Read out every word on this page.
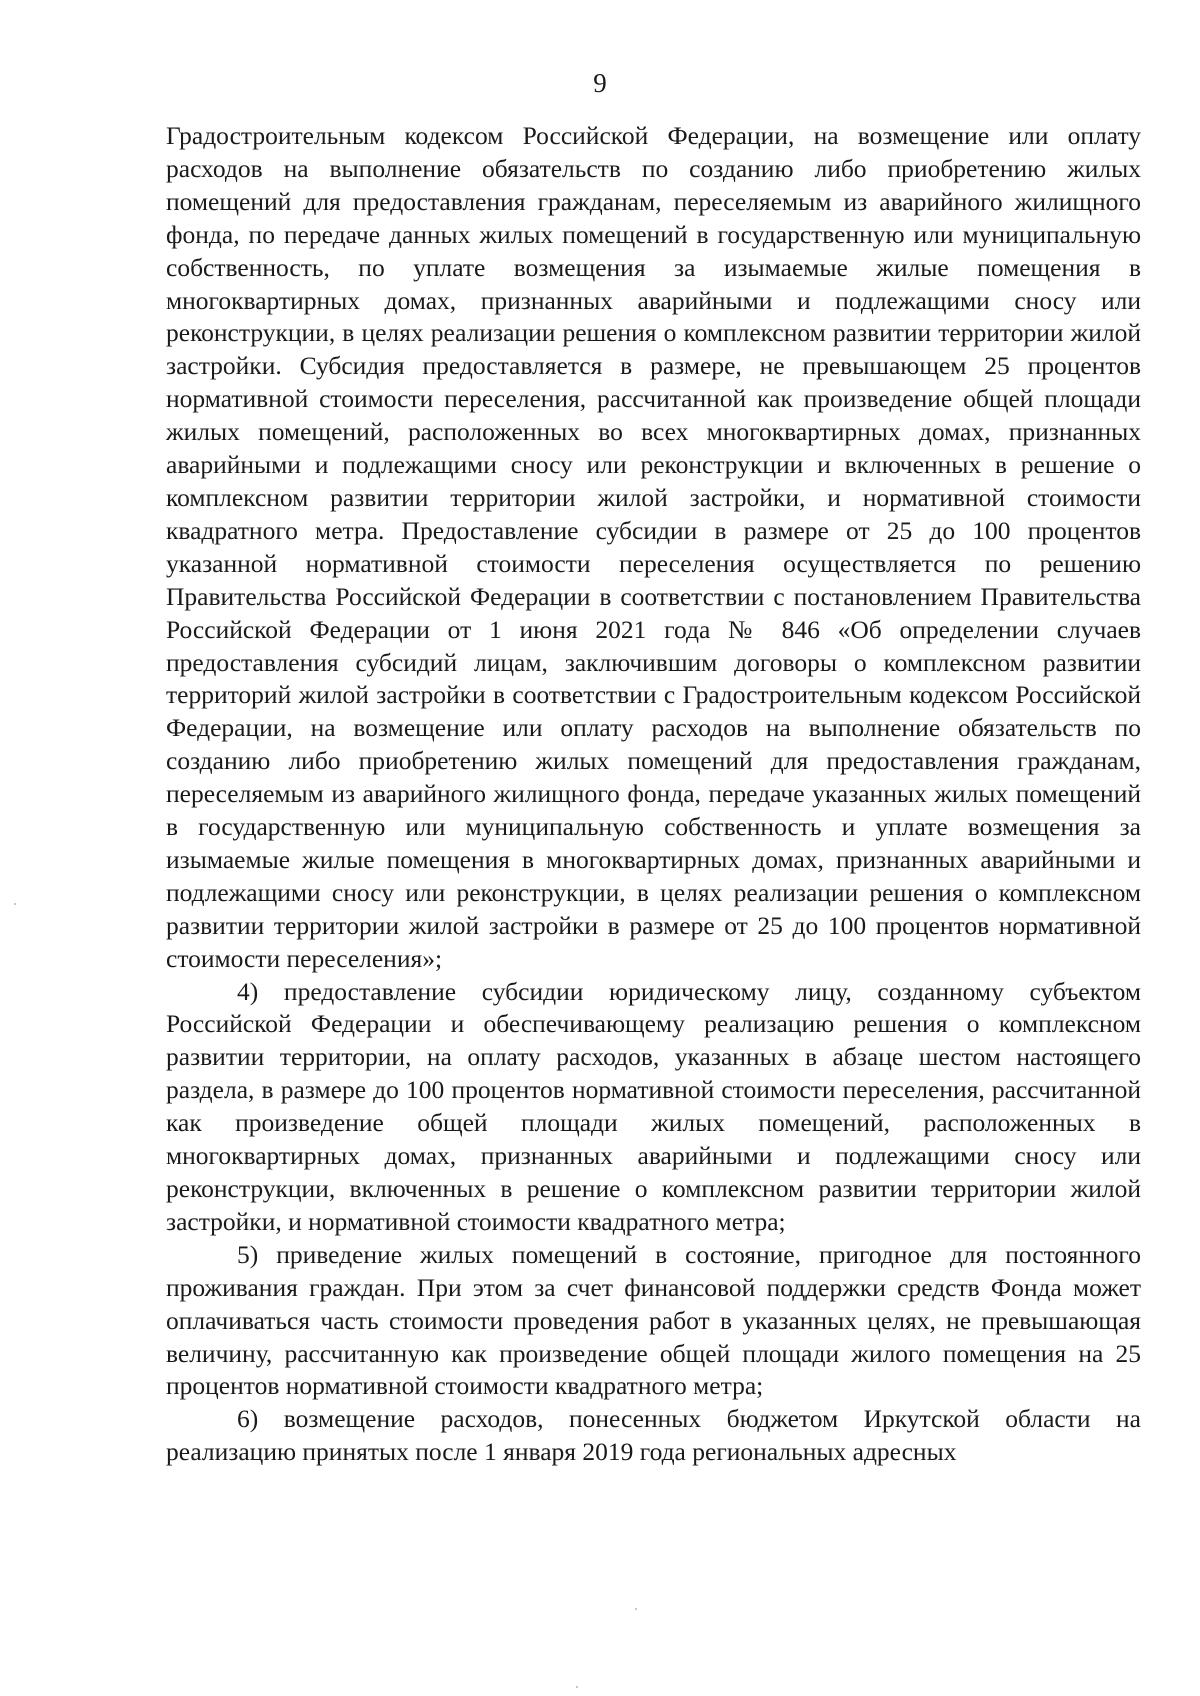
9

Градостроительным кодексом Российской Федерации, на возмещение или оплату расходов на выполнение обязательств по созданию либо приобретению жилых помещений для предоставления гражданам, переселяемым из аварийного жилищного фонда, по передаче данных жилых помещений в государственную или муниципальную собственность, по уплате возмещения за изымаемые жилые помещения в многоквартирных домах, признанных аварийными и подлежащими сносу или реконструкции, в целях реализации решения о комплексном развитии территории жилой застройки. Субсидия предоставляется в размере, не превышающем 25 процентов нормативной стоимости переселения, рассчитанной как произведение общей площади жилых помещений, расположенных во всех многоквартирных домах, признанных аварийными и подлежащими сносу или реконструкции и включенных в решение о комплексном развитии территории жилой застройки, и нормативной стоимости квадратного метра. Предоставление субсидии в размере от 25 до 100 процентов указанной нормативной стоимости переселения осуществляется по решению Правительства Российской Федерации в соответствии с постановлением Правительства Российской Федерации от 1 июня 2021 года № 846 «Об определении случаев предоставления субсидий лицам, заключившим договоры о комплексном развитии территорий жилой застройки в соответствии с Градостроительным кодексом Российской Федерации, на возмещение или оплату расходов на выполнение обязательств по созданию либо приобретению жилых помещений для предоставления гражданам, переселяемым из аварийного жилищного фонда, передаче указанных жилых помещений в государственную или муниципальную собственность и уплате возмещения за изымаемые жилые помещения в многоквартирных домах, признанных аварийными и подлежащими сносу или реконструкции, в целях реализации решения о комплексном развитии территории жилой застройки в размере от 25 до 100 процентов нормативной стоимости переселения»;

4) предоставление субсидии юридическому лицу, созданному субъектом Российской Федерации и обеспечивающему реализацию решения о комплексном развитии территории, на оплату расходов, указанных в абзаце шестом настоящего раздела, в размере до 100 процентов нормативной стоимости переселения, рассчитанной как произведение общей площади жилых помещений, расположенных в многоквартирных домах, признанных аварийными и подлежащими сносу или реконструкции, включенных в решение о комплексном развитии территории жилой застройки, и нормативной стоимости квадратного метра;

5) приведение жилых помещений в состояние, пригодное для постоянного проживания граждан. При этом за счет финансовой поддержки средств Фонда может оплачиваться часть стоимости проведения работ в указанных целях, не превышающая величину, рассчитанную как произведение общей площади жилого помещения на 25 процентов нормативной стоимости квадратного метра;

6) возмещение расходов, понесенных бюджетом Иркутской области на реализацию принятых после 1 января 2019 года региональных адресных
